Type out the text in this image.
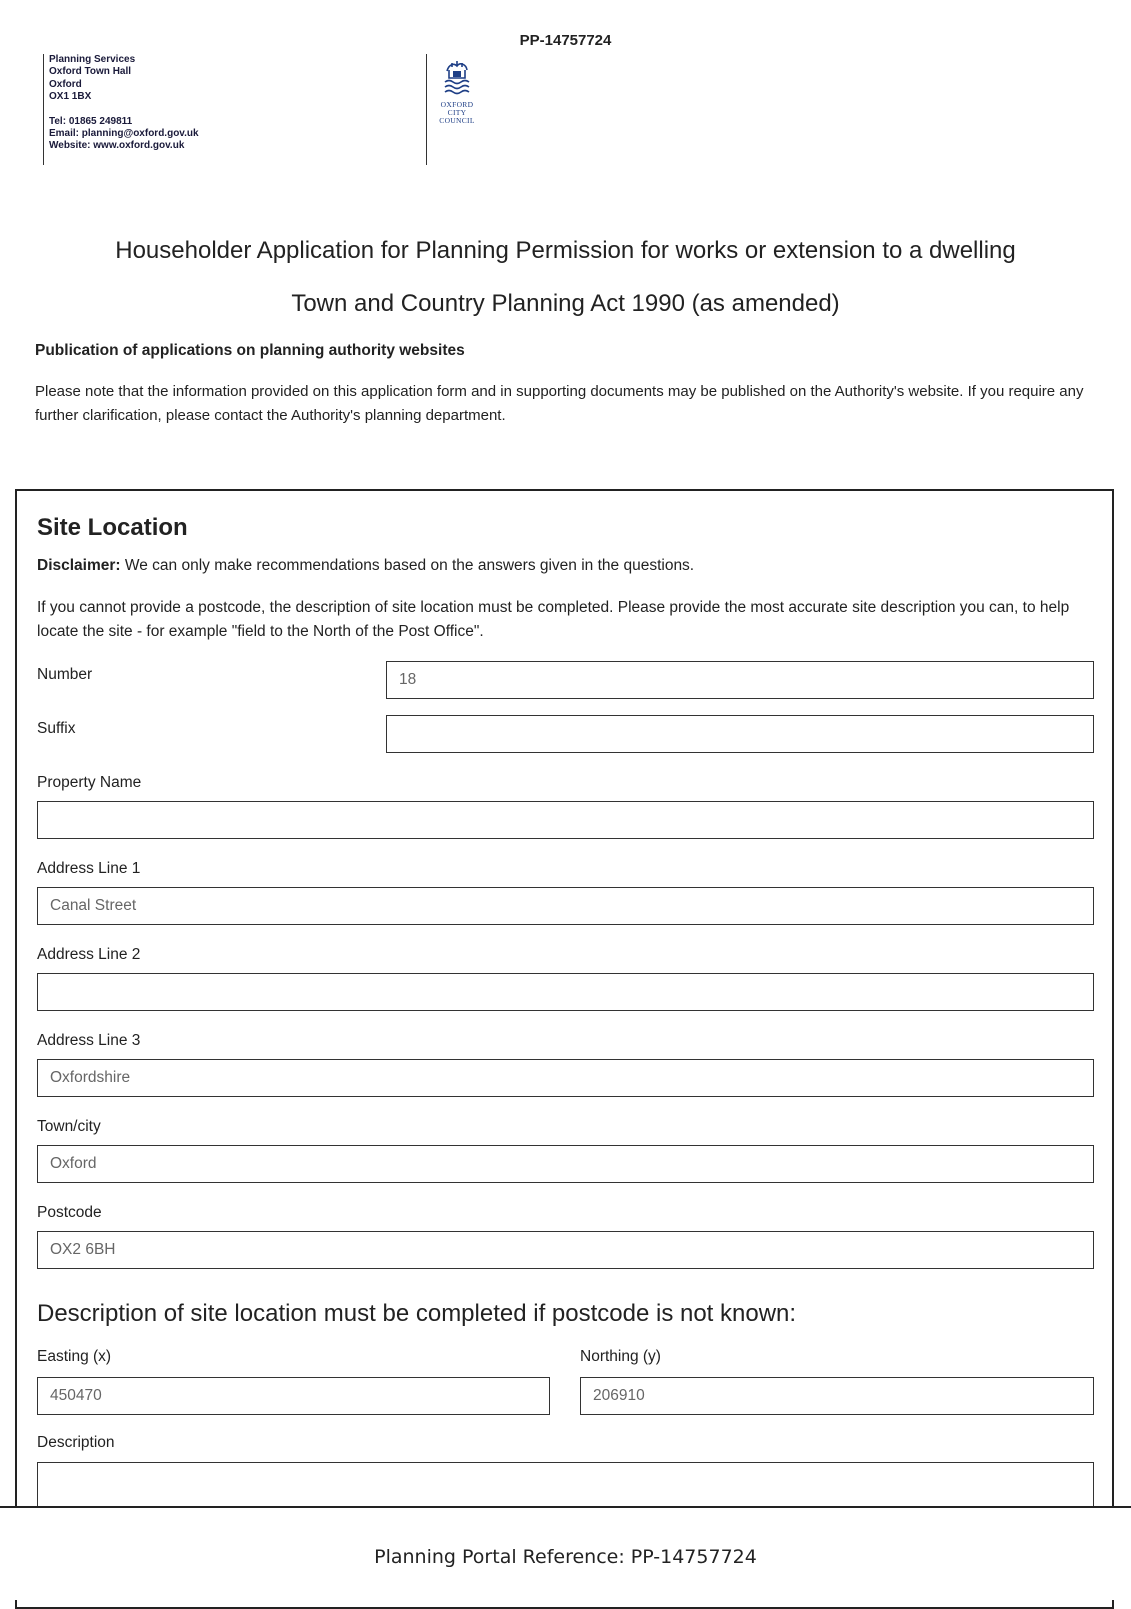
PP-14757724
Planning Services
Oxford Town Hall
Oxford
OX1 1BX
Tel: 01865 249811
Email: planning@oxford.gov.uk
Website: www.oxford.gov.uk
OXFORD
CITY
COUNCIL
Householder Application for Planning Permission for works or extension to a dwelling
Town and Country Planning Act 1990 (as amended)
Publication of applications on planning authority websites
Please note that the information provided on this application form and in supporting documents may be published on the Authority's website. If you require any further clarification, please contact the Authority's planning department.
Site Location
Disclaimer: We can only make recommendations based on the answers given in the questions.
If you cannot provide a postcode, the description of site location must be completed. Please provide the most accurate site description you can, to help locate the site - for example "field to the North of the Post Office".
Number	18
Suffix
Property Name
Address Line 1
Canal Street
Address Line 2
Address Line 3
Oxfordshire
Town/city
Oxford
Postcode
OX2 6BH
Description of site location must be completed if postcode is not known:
Easting (x)
450470
Northing (y)
206910
Description
Planning Portal Reference: PP-14757724
